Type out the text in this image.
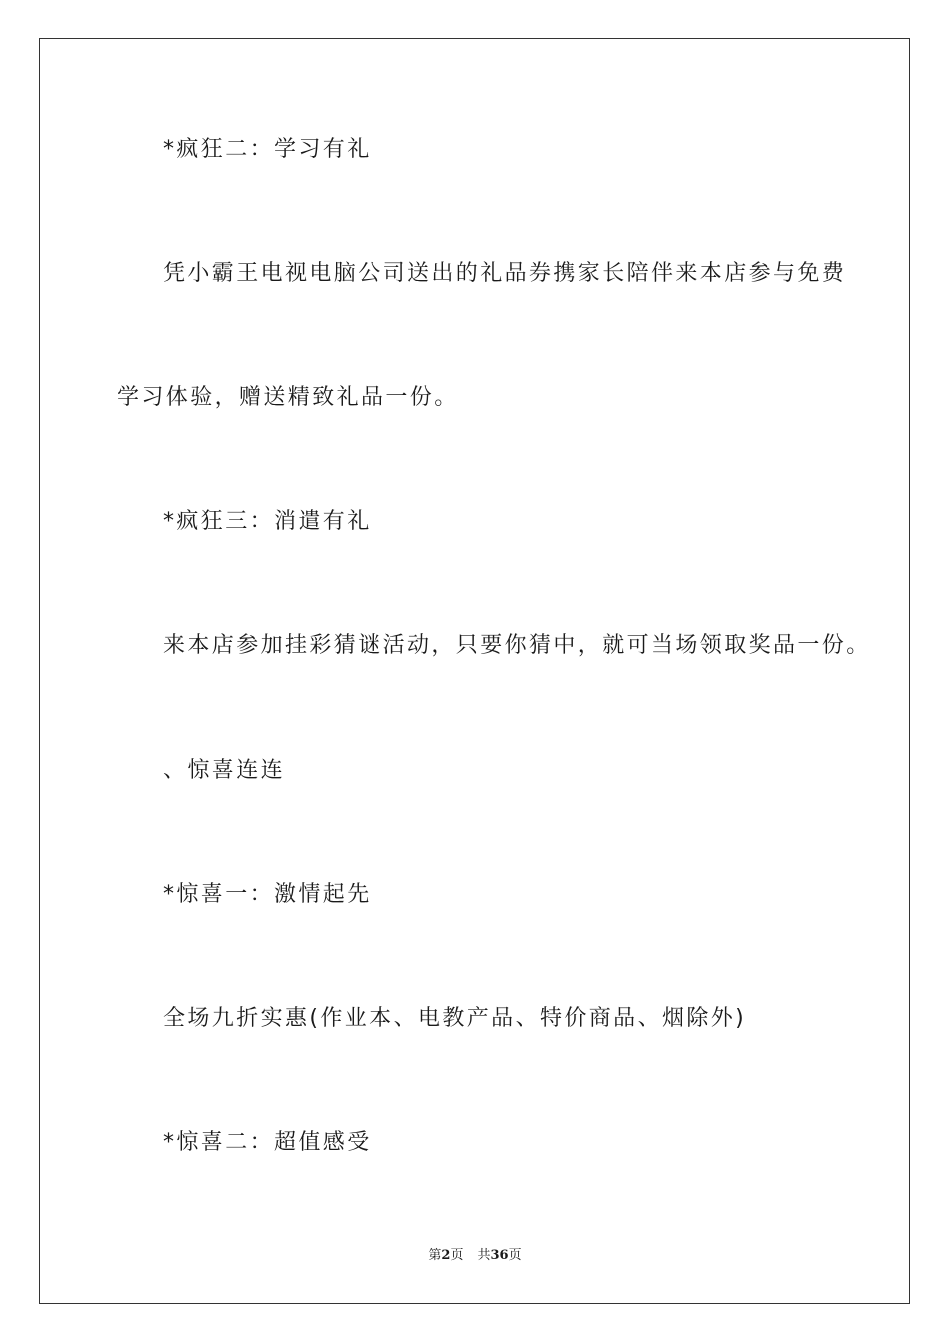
*疯狂二：学习有礼
凭小霸王电视电脑公司送出的礼品券携家长陪伴来本店参与免费
学习体验，赠送精致礼品一份。
*疯狂三：消遣有礼
来本店参加挂彩猜谜活动，只要你猜中，就可当场领取奖品一份。
、惊喜连连
*惊喜一：激情起先
全场九折实惠(作业本、电教产品、特价商品、烟除外)
*惊喜二：超值感受
第2页 共36页
